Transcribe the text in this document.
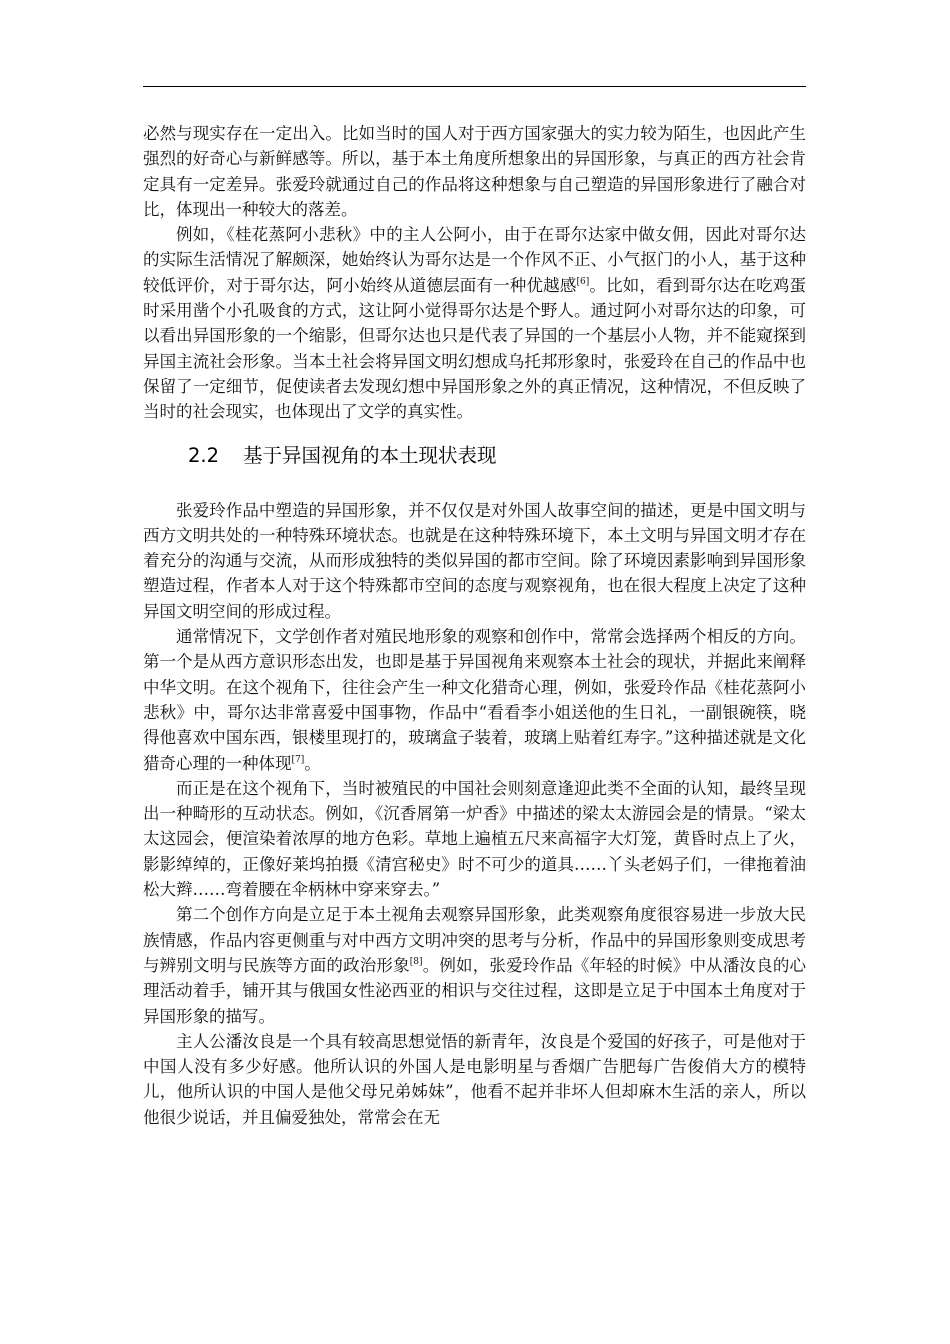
必然与现实存在一定出入。比如当时的国人对于西方国家强大的实力较为陌生，也因此产生强烈的好奇心与新鲜感等。所以，基于本土角度所想象出的异国形象，与真正的西方社会肯定具有一定差异。张爱玲就通过自己的作品将这种想象与自己塑造的异国形象进行了融合对比，体现出一种较大的落差。

例如，《桂花蒸阿小悲秋》中的主人公阿小，由于在哥尔达家中做女佣，因此对哥尔达的实际生活情况了解颇深，她始终认为哥尔达是一个作风不正、小气抠门的小人，基于这种较低评价，对于哥尔达，阿小始终从道德层面有一种优越感[6]。比如，看到哥尔达在吃鸡蛋时采用凿个小孔吸食的方式，这让阿小觉得哥尔达是个野人。通过阿小对哥尔达的印象，可以看出异国形象的一个缩影，但哥尔达也只是代表了异国的一个基层小人物，并不能窥探到异国主流社会形象。当本土社会将异国文明幻想成乌托邦形象时，张爱玲在自己的作品中也保留了一定细节，促使读者去发现幻想中异国形象之外的真正情况，这种情况，不但反映了当时的社会现实，也体现出了文学的真实性。

2.2 基于异国视角的本土现状表现

张爱玲作品中塑造的异国形象，并不仅仅是对外国人故事空间的描述，更是中国文明与西方文明共处的一种特殊环境状态。也就是在这种特殊环境下，本土文明与异国文明才存在着充分的沟通与交流，从而形成独特的类似异国的都市空间。除了环境因素影响到异国形象塑造过程，作者本人对于这个特殊都市空间的态度与观察视角，也在很大程度上决定了这种异国文明空间的形成过程。

通常情况下，文学创作者对殖民地形象的观察和创作中，常常会选择两个相反的方向。第一个是从西方意识形态出发，也即是基于异国视角来观察本土社会的现状，并据此来阐释中华文明。在这个视角下，往往会产生一种文化猎奇心理，例如，张爱玲作品《桂花蒸阿小悲秋》中，哥尔达非常喜爱中国事物，作品中“看看李小姐送他的生日礼，一副银碗筷，晓得他喜欢中国东西，银楼里现打的，玻璃盒子装着，玻璃上贴着红寿字。”这种描述就是文化猎奇心理的一种体现[7]。

而正是在这个视角下，当时被殖民的中国社会则刻意逢迎此类不全面的认知，最终呈现出一种畸形的互动状态。例如，《沉香屑第一炉香》中描述的梁太太游园会是的情景。“梁太太这园会，便渲染着浓厚的地方色彩。草地上遍植五尺来高福字大灯笼，黄昏时点上了火，影影绰绰的，正像好莱坞拍摄《清宫秘史》时不可少的道具……丫头老妈子们，一律拖着油松大辫……弯着腰在伞柄林中穿来穿去。”

第二个创作方向是立足于本土视角去观察异国形象，此类观察角度很容易进一步放大民族情感，作品内容更侧重与对中西方文明冲突的思考与分析，作品中的异国形象则变成思考与辨别文明与民族等方面的政治形象[8]。例如，张爱玲作品《年轻的时候》中从潘汝良的心理活动着手，铺开其与俄国女性泌西亚的相识与交往过程，这即是立足于中国本土角度对于异国形象的描写。

主人公潘汝良是一个具有较高思想觉悟的新青年，汝良是个爱国的好孩子，可是他对于中国人没有多少好感。他所认识的外国人是电影明星与香烟广告肥每广告俊俏大方的模特儿，他所认识的中国人是他父母兄弟姊妹”，他看不起并非坏人但却麻木生活的亲人，所以他很少说话，并且偏爱独处，常常会在无
